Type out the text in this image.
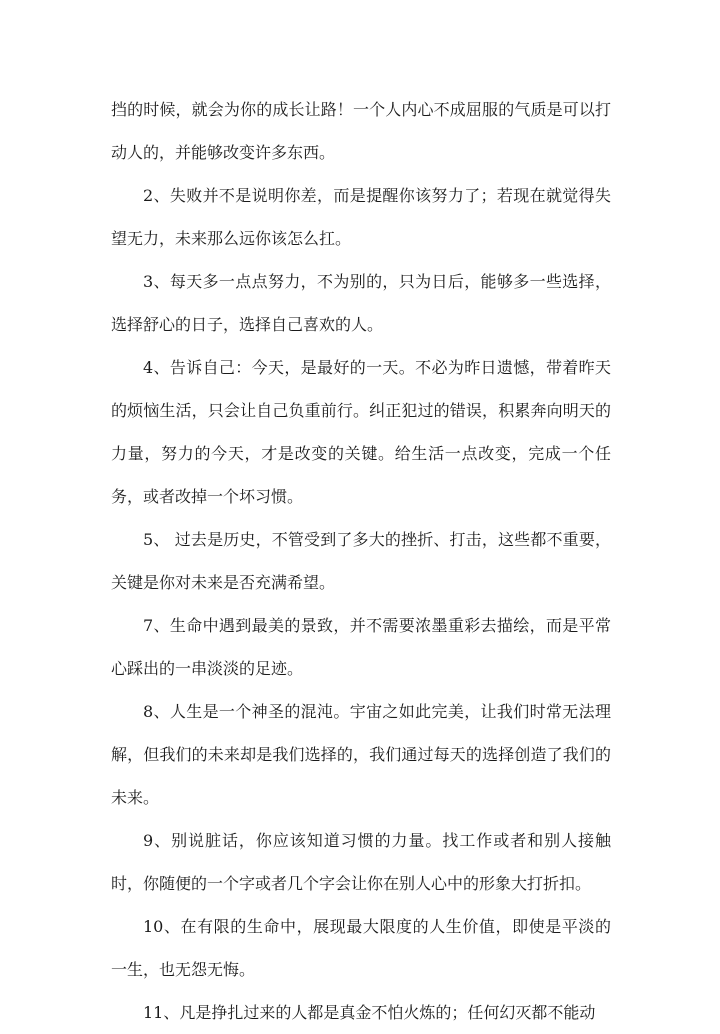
挡的时候，就会为你的成长让路！一个人内心不成屈服的气质是可以打动人的，并能够改变许多东西。

2、失败并不是说明你差，而是提醒你该努力了；若现在就觉得失望无力，未来那么远你该怎么扛。

3、每天多一点点努力，不为别的，只为日后，能够多一些选择，选择舒心的日子，选择自己喜欢的人。

4、告诉自己：今天，是最好的一天。不必为昨日遗憾，带着昨天的烦恼生活，只会让自己负重前行。纠正犯过的错误，积累奔向明天的力量，努力的今天，才是改变的关键。给生活一点改变，完成一个任务，或者改掉一个坏习惯。

5、 过去是历史，不管受到了多大的挫折、打击，这些都不重要，关键是你对未来是否充满希望。

7、生命中遇到最美的景致，并不需要浓墨重彩去描绘，而是平常心踩出的一串淡淡的足迹。

8、人生是一个神圣的混沌。宇宙之如此完美，让我们时常无法理解，但我们的未来却是我们选择的，我们通过每天的选择创造了我们的未来。

9、别说脏话，你应该知道习惯的力量。找工作或者和别人接触时，你随便的一个字或者几个字会让你在别人心中的形象大打折扣。

10、在有限的生命中，展现最大限度的人生价值，即使是平淡的一生，也无怨无悔。

11、凡是挣扎过来的人都是真金不怕火炼的；任何幻灭都不能动
